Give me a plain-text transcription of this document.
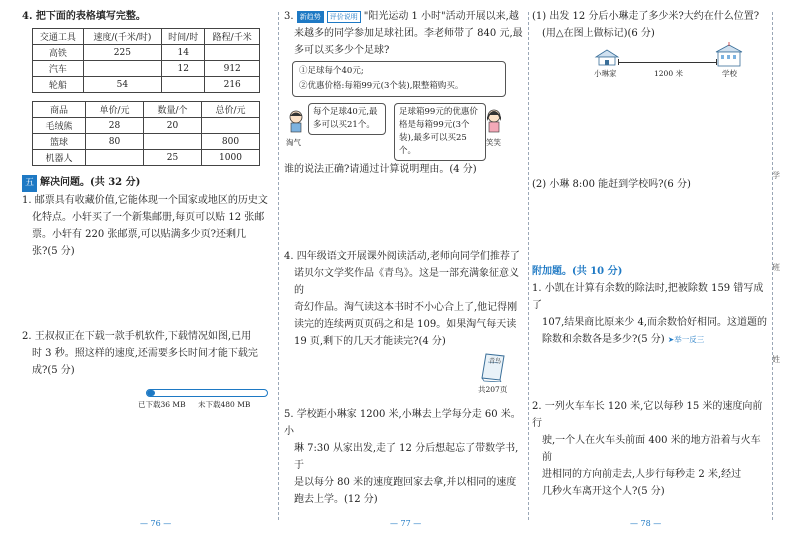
4. 把下面的表格填写完整。

交通工具	速度/(千米/时)	时间/时	路程/千米
高铁	225	14	
汽车		12	912
轮船	54		216
商品	单价/元	数量/个	总价/元
毛绒熊	28	20	
篮球	80		800
机器人		25	1000

五 解决问题。(共 32 分)

1. 邮票具有收藏价值,它能体现一个国家或地区的历史文

化特点。小轩买了一个新集邮册,每页可以贴 12 张邮

票。小轩有 220 张邮票,可以贴满多少页?还剩几

张?(5 分)

2. 王叔叔正在下载一款手机软件,下载情况如图,已用

时 3 秒。照这样的速度,还需要多长时间才能下载完

成?(5 分)

已下载36 MB 未下载480 MB
— 76 —

3. 新趋势 评价说明 "阳光运动 1 小时"活动开展以来,越

来越多的同学参加足球社团。李老师带了 840 元,最

多可以买多少个足球?

①足球每个40元;
②优惠价格:每箱99元(3个装),限整箱购买。
淘气
每个足球40元,最多可以买21个。
足球箱99元的优惠价格是每箱99元(3个装),最多可以买25个。
笑笑

谁的说法正确?请通过计算说明理由。(4 分)

4. 四年级语文开展课外阅读活动,老师向同学们推荐了

诺贝尔文学奖作品《青鸟》。这是一部充满象征意义的

奇幻作品。淘气读这本书时不小心合上了,他记得刚

读完的连续两页页码之和是 109。如果淘气每天读

19 页,剩下的几天才能读完?(4 分)

青鸟
共207页

5. 学校距小琳家 1200 米,小琳去上学每分走 60 米。小

琳 7:30 从家出发,走了 12 分后想起忘了带数学书,于

是以每分 80 米的速度跑回家去拿,并以相同的速度

跑去上学。(12 分)

— 77 —

(1) 出发 12 分后小琳走了多少米?大约在什么位置?

(用△在图上做标记)(6 分)

小琳家	1200 米	学校

(2) 小琳 8:00 能赶到学校吗?(6 分)

附加题。(共 10 分)

1. 小凯在计算有余数的除法时,把被除数 159 错写成了

107,结果商比原来少 4,而余数恰好相同。这道题的

除数和余数各是多少?(5 分) ➤举一反三

2. 一列火车车长 120 米,它以每秒 15 米的速度向前行

驶,一个人在火车头前面 400 米的地方沿着与火车前

进相同的方向前走去,人步行每秒走 2 米,经过

几秒火车离开这个人?(5 分)

— 78 —
学
班
姓
